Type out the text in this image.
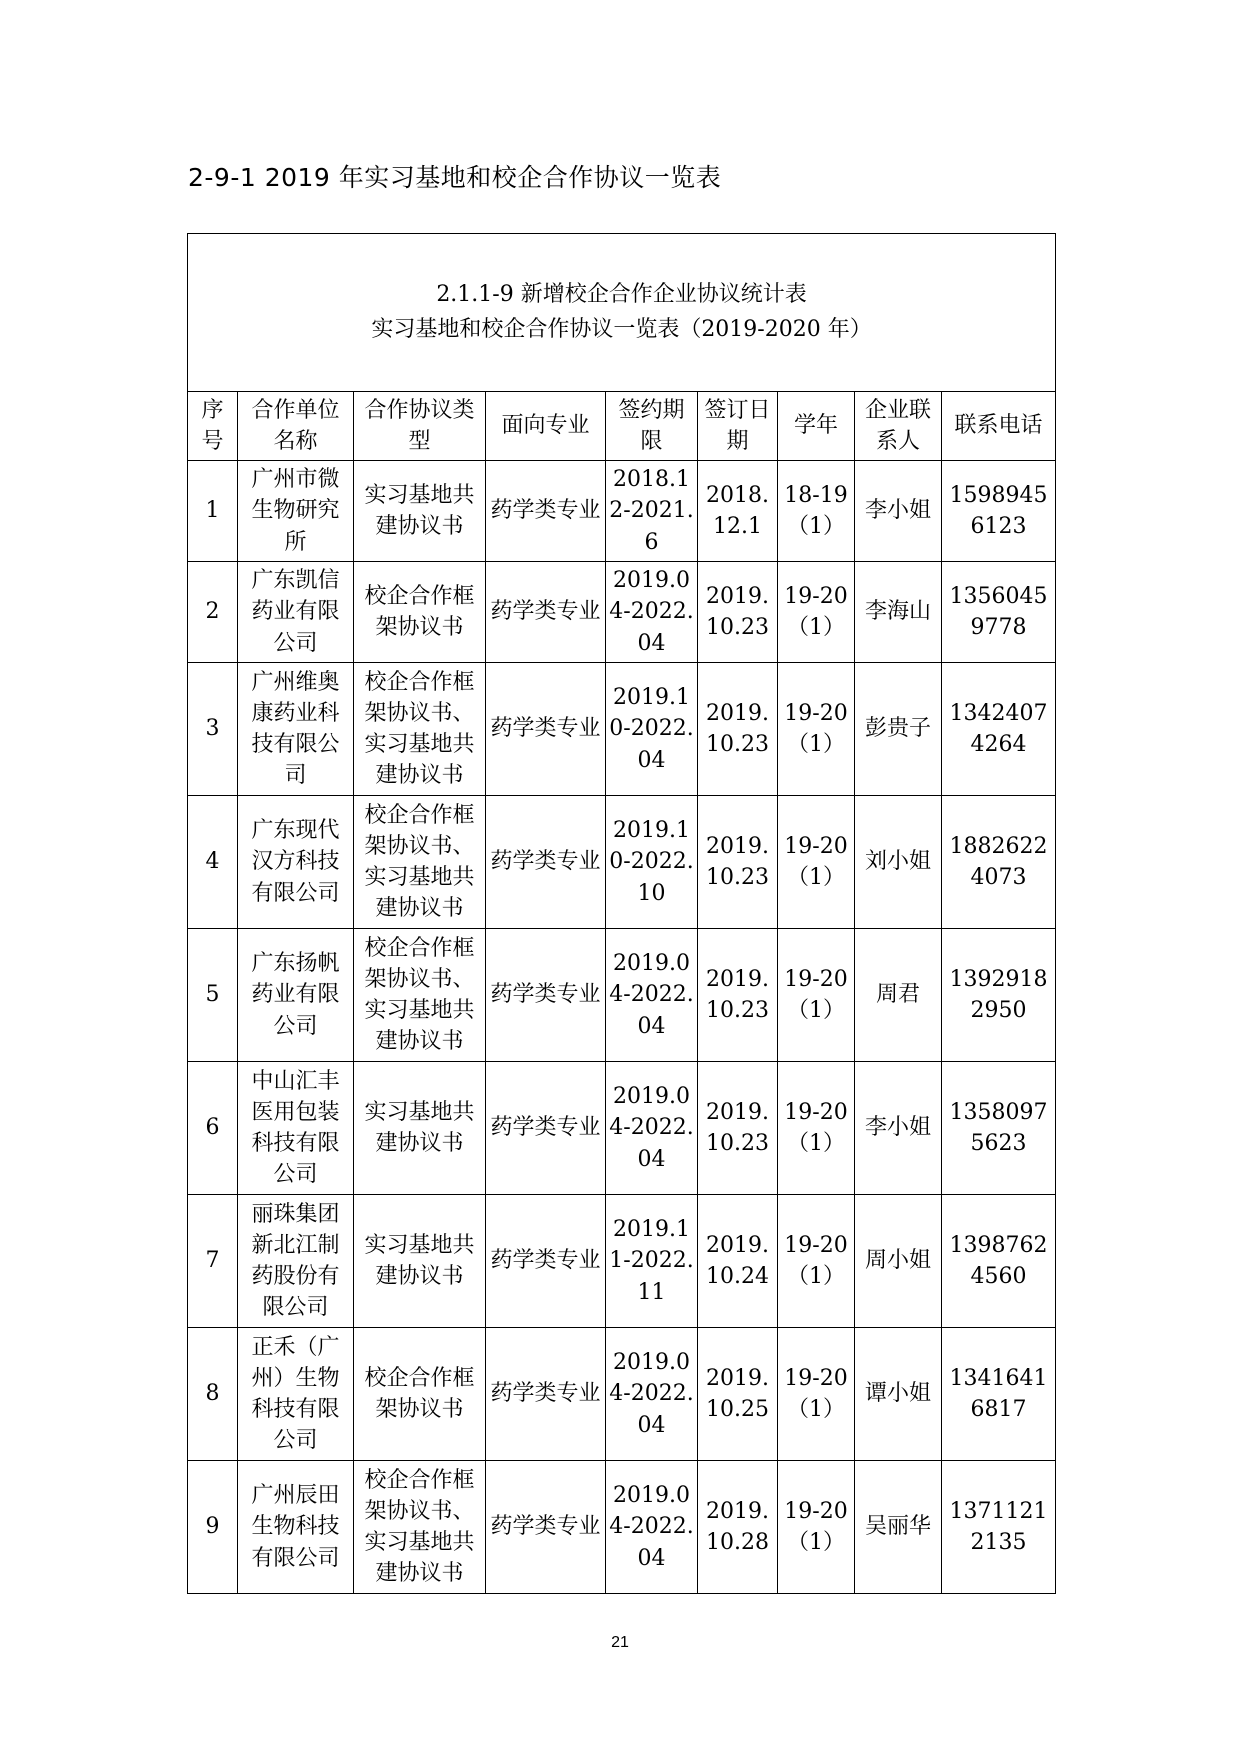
2-9-1 2019 年实习基地和校企合作协议一览表
2.1.1-9 新增校企合作企业协议统计表
实习基地和校企合作协议一览表（2019-2020 年）								

序号	合作单位名称	合作协议类型	面向专业	签约期限	签订日期	学年	企业联系人	联系电话
1	广州市微生物研究所	实习基地共建协议书	药学类专业	2018.12-2021.6	2018.12.1	18-19（1）	李小姐	15989456123
2	广东凯信药业有限公司	校企合作框架协议书	药学类专业	2019.04-2022.04	2019.10.23	19-20（1）	李海山	13560459778
3	广州维奥康药业科技有限公司	校企合作框架协议书、实习基地共建协议书	药学类专业	2019.10-2022.04	2019.10.23	19-20（1）	彭贵子	13424074264
4	广东现代汉方科技有限公司	校企合作框架协议书、实习基地共建协议书	药学类专业	2019.10-2022.10	2019.10.23	19-20（1）	刘小姐	18826224073
5	广东扬帆药业有限公司	校企合作框架协议书、实习基地共建协议书	药学类专业	2019.04-2022.04	2019.10.23	19-20（1）	周君	13929182950
6	中山汇丰医用包装科技有限公司	实习基地共建协议书	药学类专业	2019.04-2022.04	2019.10.23	19-20（1）	李小姐	13580975623
7	丽珠集团新北江制药股份有限公司	实习基地共建协议书	药学类专业	2019.11-2022.11	2019.10.24	19-20（1）	周小姐	13987624560
8	正禾（广州）生物科技有限公司	校企合作框架协议书	药学类专业	2019.04-2022.04	2019.10.25	19-20（1）	谭小姐	13416416817
9	广州辰田生物科技有限公司	校企合作框架协议书、实习基地共建协议书	药学类专业	2019.04-2022.04	2019.10.28	19-20（1）	吴丽华	13711212135
21
